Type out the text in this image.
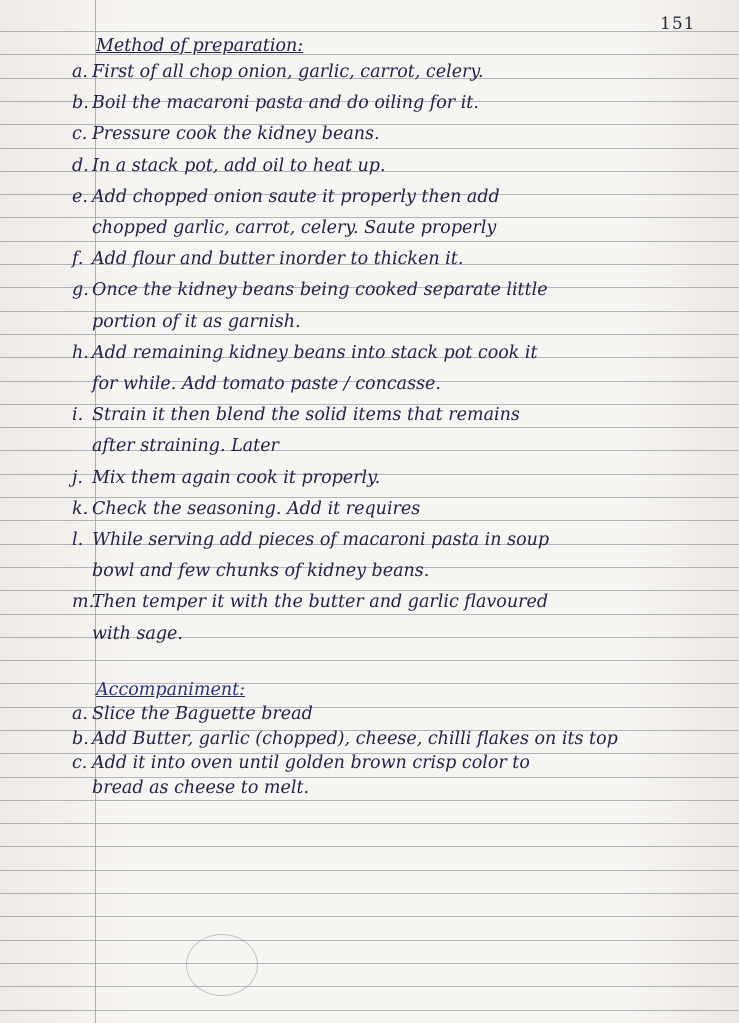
151
Method of preparation:
a. First of all chop onion, garlic, carrot, celery.
b. Boil the macaroni pasta and do oiling for it.
c. Pressure cook the kidney beans.
d. In a stack pot, add oil to heat up.
e. Add chopped onion saute it properly then add
chopped garlic, carrot, celery. Saute properly
f. Add flour and butter inorder to thicken it.
g. Once the kidney beans being cooked separate little
portion of it as garnish.
h. Add remaining kidney beans into stack pot cook it
for while. Add tomato paste / concasse.
i. Strain it then blend the solid items that remains
after straining. Later
j. Mix them again cook it properly.
k. Check the seasoning. Add it requires
l. While serving add pieces of macaroni pasta in soup
bowl and few chunks of kidney beans.
m.Then temper it with the butter and garlic flavoured
with sage.
Accompaniment:
a. Slice the Baguette bread
b. Add Butter, garlic (chopped), cheese, chilli flakes on its top
c. Add it into oven until golden brown crisp color to
bread as cheese to melt.
